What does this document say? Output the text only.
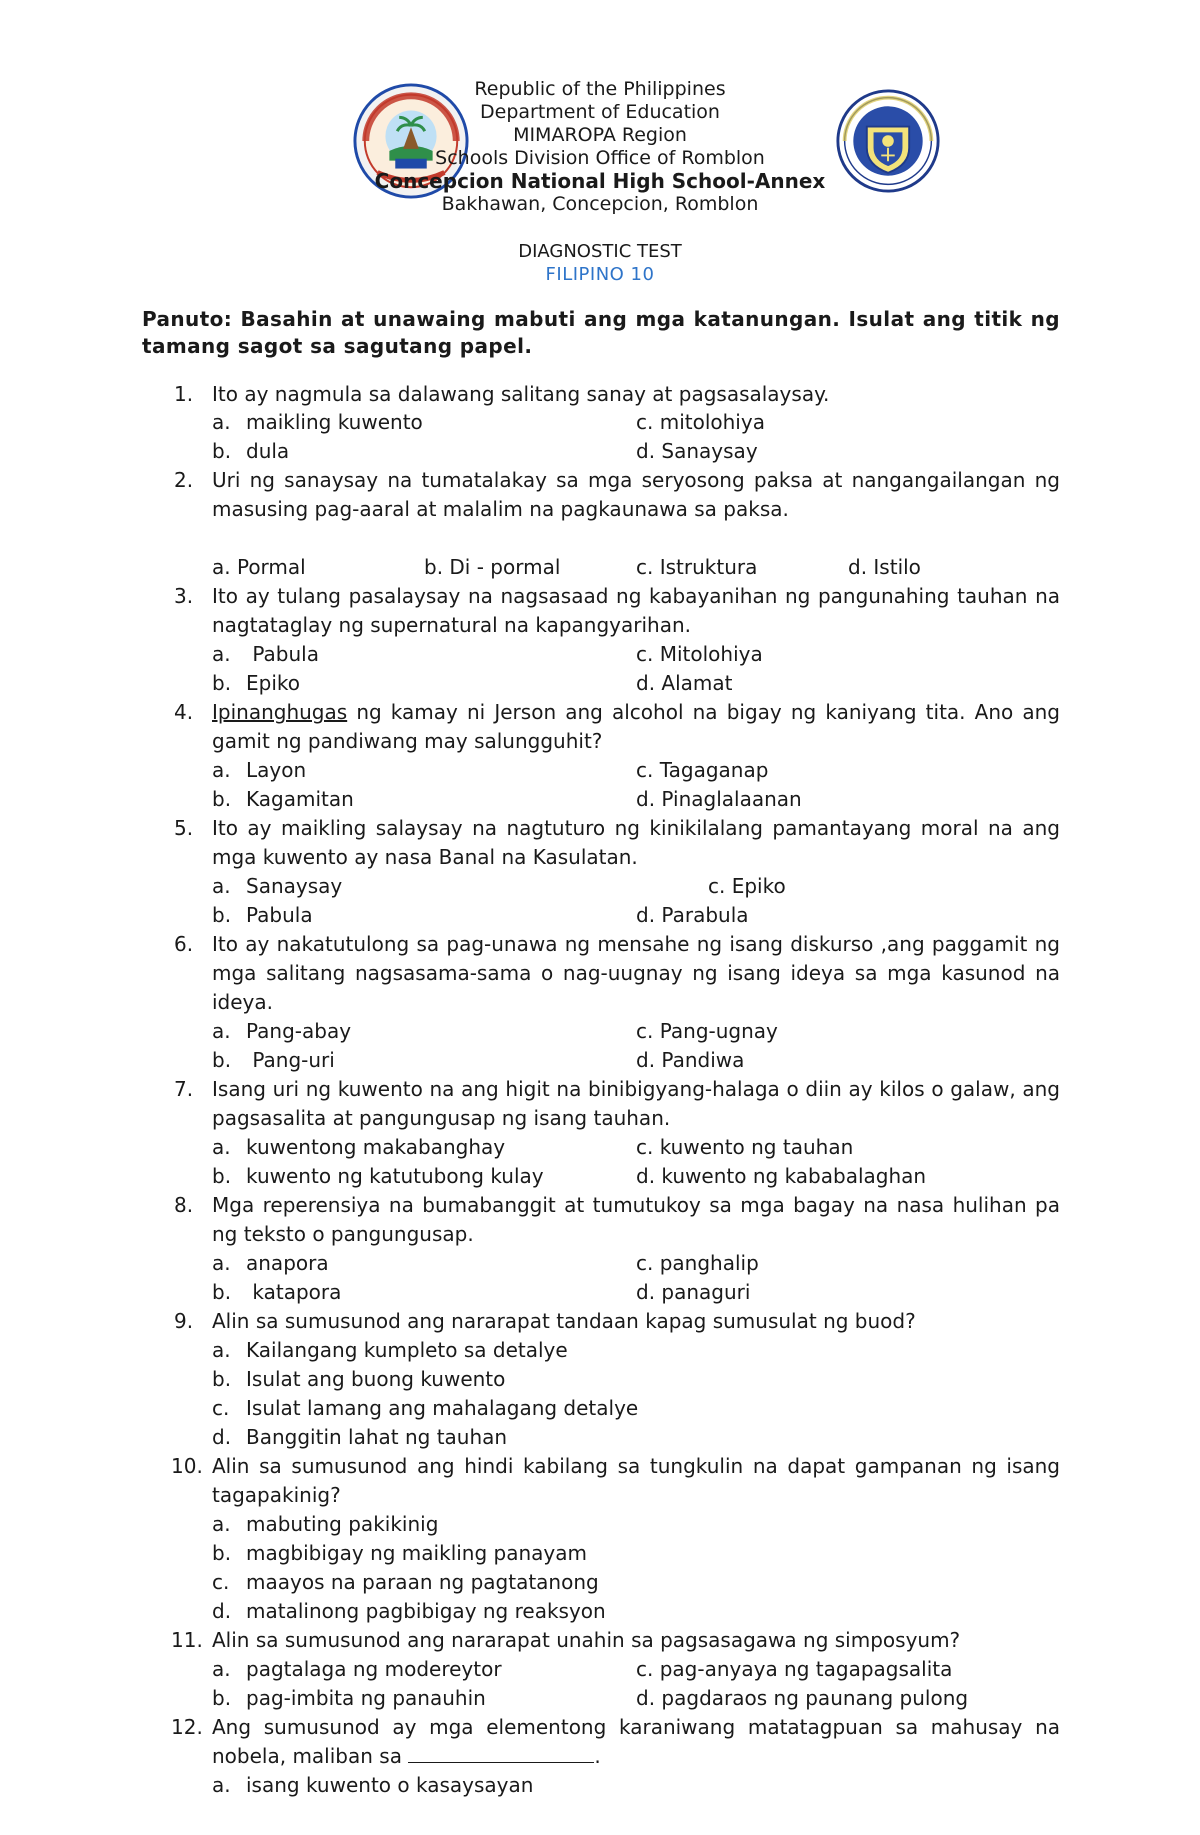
Republic of the Philippines
Department of Education
MIMAROPA Region
Schools Division Office of Romblon
Concepcion National High School-Annex
Bakhawan, Concepcion, Romblon
DIAGNOSTIC TEST
FILIPINO 10
Panuto: Basahin at unawaing mabuti ang mga katanungan. Isulat ang titik ng tamang sagot sa sagutang papel.
1. Ito ay nagmula sa dalawang salitang sanay at pagsasalaysay.
a. maikling kuwento
b. dula
c. mitolohiya
d. Sanaysay
2. Uri ng sanaysay na tumatalakay sa mga seryosong paksa at nangangailangan ng masusing pag-aaral at malalim na pagkaunawa sa paksa.
a. Pormal	b. Di - pormal	c. Istruktura	d. Istilo
3. Ito ay tulang pasalaysay na nagsasaad ng kabayanihan ng pangunahing tauhan na nagtataglay ng supernatural na kapangyarihan.
a. Pabula
b. Epiko
c. Mitolohiya
d. Alamat
4. Ipinanghugas ng kamay ni Jerson ang alcohol na bigay ng kaniyang tita. Ano ang gamit ng pandiwang may salungguhit?
a. Layon
b. Kagamitan
c. Tagaganap
d. Pinaglalaanan
5. Ito ay maikling salaysay na nagtuturo ng kinikilalang pamantayang moral na ang mga kuwento ay nasa Banal na Kasulatan.
a. Sanaysay
b. Pabula
c. Epiko
d. Parabula
6. Ito ay nakatutulong sa pag-unawa ng mensahe ng isang diskurso ,ang paggamit ng mga salitang nagsasama-sama o nag-uugnay ng isang ideya sa mga kasunod na ideya.
a. Pang-abay
b. Pang-uri
c. Pang-ugnay
d. Pandiwa
7. Isang uri ng kuwento na ang higit na binibigyang-halaga o diin ay kilos o galaw, ang pagsasalita at pangungusap ng isang tauhan.
a. kuwentong makabanghay
b. kuwento ng katutubong kulay
c. kuwento ng tauhan
d. kuwento ng kababalaghan
8. Mga reperensiya na bumabanggit at tumutukoy sa mga bagay na nasa hulihan pa ng teksto o pangungusap.
a. anapora
b. katapora
c. panghalip
d. panaguri
9. Alin sa sumusunod ang nararapat tandaan kapag sumusulat ng buod?
a. Kailangang kumpleto sa detalye
b. Isulat ang buong kuwento
c. Isulat lamang ang mahalagang detalye
d. Banggitin lahat ng tauhan
10. Alin sa sumusunod ang hindi kabilang sa tungkulin na dapat gampanan ng isang tagapakinig?
a. mabuting pakikinig
b. magbibigay ng maikling panayam
c. maayos na paraan ng pagtatanong
d. matalinong pagbibigay ng reaksyon
11. Alin sa sumusunod ang nararapat unahin sa pagsasagawa ng simposyum?
a. pagtalaga ng modereytor
b. pag-imbita ng panauhin
c. pag-anyaya ng tagapagsalita
d. pagdaraos ng paunang pulong
12. Ang sumusunod ay mga elementong karaniwang matatagpuan sa mahusay na nobela, maliban sa	.
a. isang kuwento o kasaysayan
